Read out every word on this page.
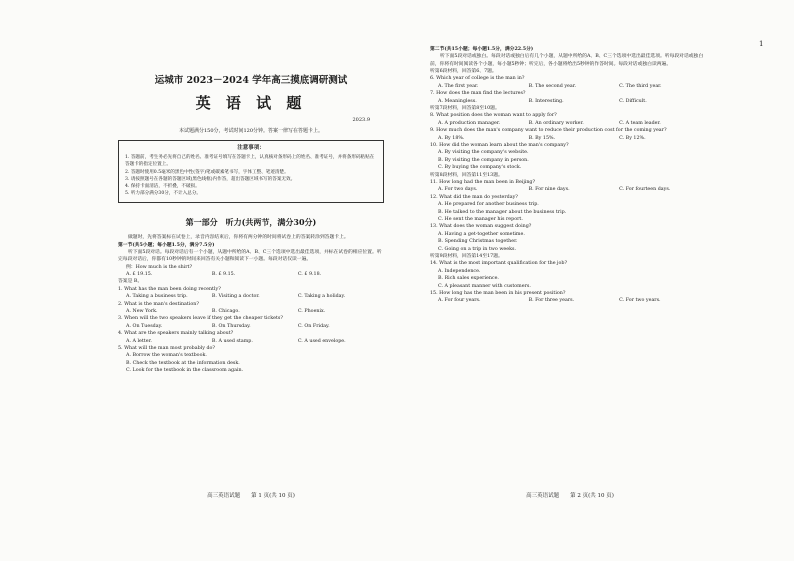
1

运城市 2023－2024 学年高三摸底调研测试

英 语 试 题

2023.9
本试题满分150分，考试时间120分钟。答案一律写在答题卡上。
注意事项：
1. 答题前，考生务必先将自己的姓名、准考证号填写在答题卡上，认真核对条形码上的姓名、准考证号，并将条形码粘贴在答题卡的指定位置上。
2. 答题时使用0.5毫米的黑色中性(签字)笔或碳素笔书写，字体工整、笔迹清楚。
3. 请按照题号在各题的答题区域(黑色线框)内作答，超出答题区域书写的答案无效。
4. 保持卡面清洁，不折叠，不破损。
5. 听力部分满分30分，不计入总分。
第一部分　听力(共两节，满分30分)

做题时，先将答案标在试卷上，录音内容结束后，你将有两分钟的时间将试卷上的答案转涂到答题卡上。

第一节(共5小题；每小题1.5分，满分7.5分)

听下面5段对话。每段对话后有一个小题，从题中所给的A、B、C三个选项中选出最佳选项，并标在试卷的相应位置。听完每段对话后，你都有10秒钟的时间来回答有关小题和阅读下一小题。每段对话仅读一遍。

例：How much is the shirt?

A. £ 19.15.	B. £ 9.15.	C. £ 9.18.

答案是 B。

1. What has the man been doing recently?

A. Taking a business trip.	B. Visiting a doctor.	C. Taking a holiday.

2. What is the man's destination?

A. New York.	B. Chicago.	C. Phoenix.

3. When will the two speakers leave if they get the cheaper tickets?

A. On Tuesday.	B. On Thursday.	C. On Friday.

4. What are the speakers mainly talking about?

A. A letter.	B. A used stamp.	C. A used envelope.

5. What will the man most probably do?

A. Borrow the woman's textbook.
B. Check the textbook at the information desk.
C. Look for the textbook in the classroom again.
高三英语试题　　第 1 页(共 10 页)

第二节(共15小题；每小题1.5分，满分22.5分)

听下面5段对话或独白。每段对话或独白后有几个小题，从题中所给的A、B、C三个选项中选出最佳选项。听每段对话或独白前，你将有时间阅读各个小题，每小题5秒钟；听完后，各小题将给出5秒钟的作答时间。每段对话或独白读两遍。

听第6段材料，回答第6、7题。

6. Which year of college is the man in?

A. The first year.	B. The second year.	C. The third year.

7. How does the man find the lectures?

A. Meaningless.	B. Interesting.	C. Difficult.

听第7段材料，回答第8至10题。

8. What position does the woman want to apply for?

A. A production manager.	B. An ordinary worker.	C. A team leader.

9. How much does the man's company want to reduce their production cost for the coming year?

A. By 18%.	B. By 15%.	C. By 12%.

10. How did the woman learn about the man's company?

A. By visiting the company's website.
B. By visiting the company in person.
C. By buying the company's stock.

听第8段材料，回答第11至13题。

11. How long had the man been in Beijing?

A. For two days.	B. For nine days.	C. For fourteen days.

12. What did the man do yesterday?

A. He prepared for another business trip.
B. He talked to the manager about the business trip.
C. He sent the manager his report.

13. What does the woman suggest doing?

A. Having a get-together sometime.
B. Spending Christmas together.
C. Going on a trip in two weeks.

听第9段材料，回答第14至17题。

14. What is the most important qualification for the job?

A. Independence.
B. Rich sales experience.
C. A pleasant manner with customers.

15. How long has the man been in his present position?

A. For four years.	B. For three years.	C. For two years.
高三英语试题　　第 2 页(共 10 页)
